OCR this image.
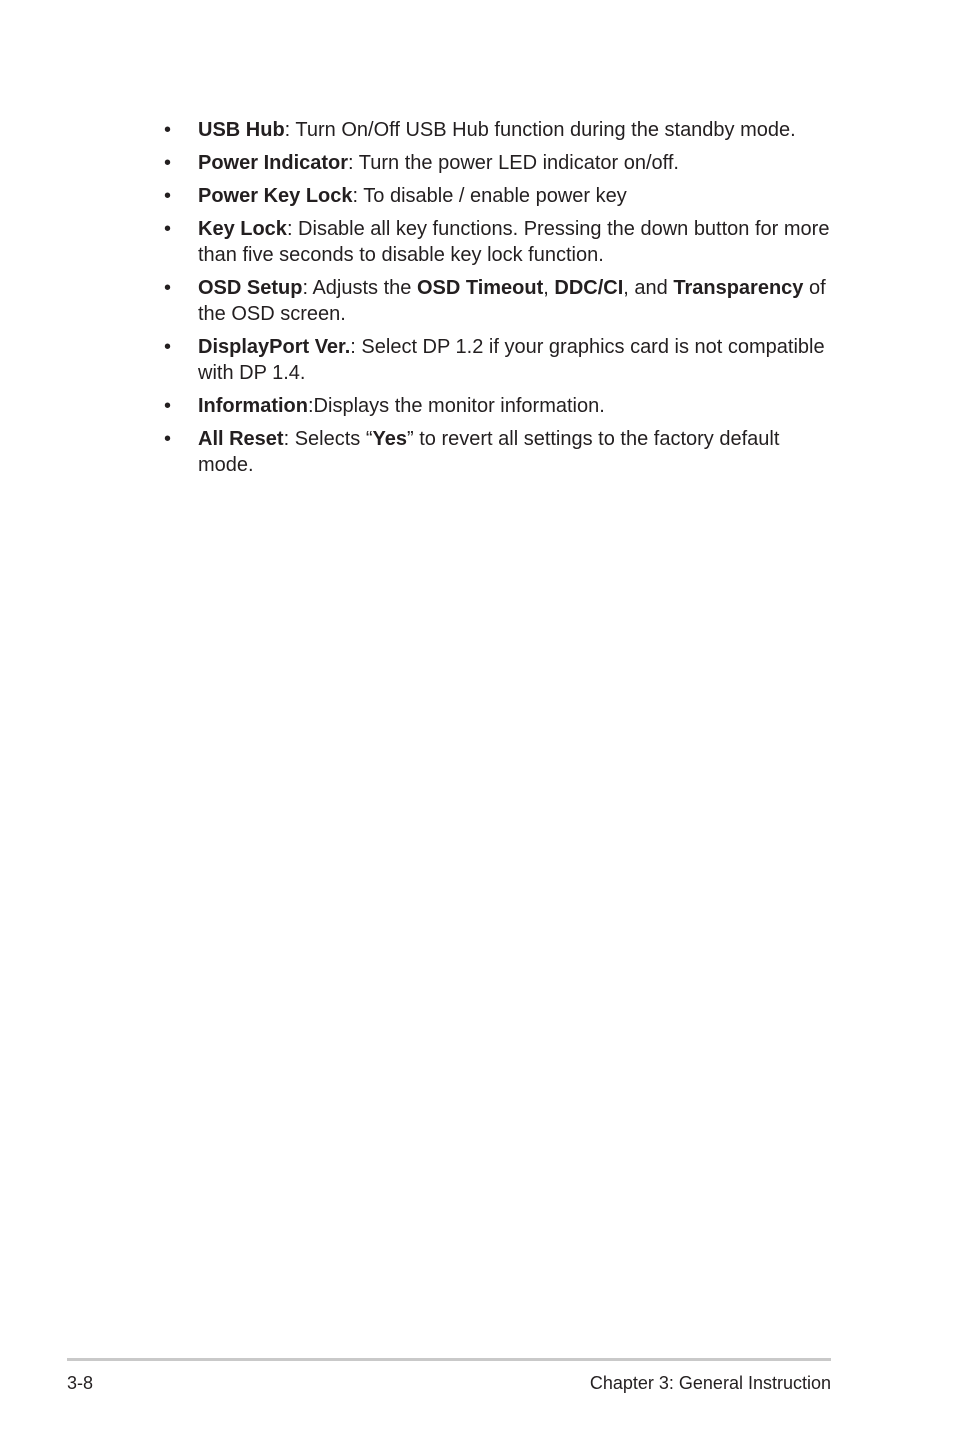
•	USB Hub: Turn On/Off USB Hub function during the standby mode.
•	Power Indicator: Turn the power LED indicator on/off.
•	Power Key Lock: To disable / enable power key
•	Key Lock: Disable all key functions. Pressing the down button for more than five seconds to disable key lock function.
•	OSD Setup: Adjusts the OSD Timeout, DDC/CI, and Transparency of the OSD screen.
•	DisplayPort Ver.: Select DP 1.2 if your graphics card is not compatible with DP 1.4.
•	Information:Displays the monitor information.
•	All Reset: Selects “Yes” to revert all settings to the factory default mode.
3-8	Chapter 3: General Instruction
